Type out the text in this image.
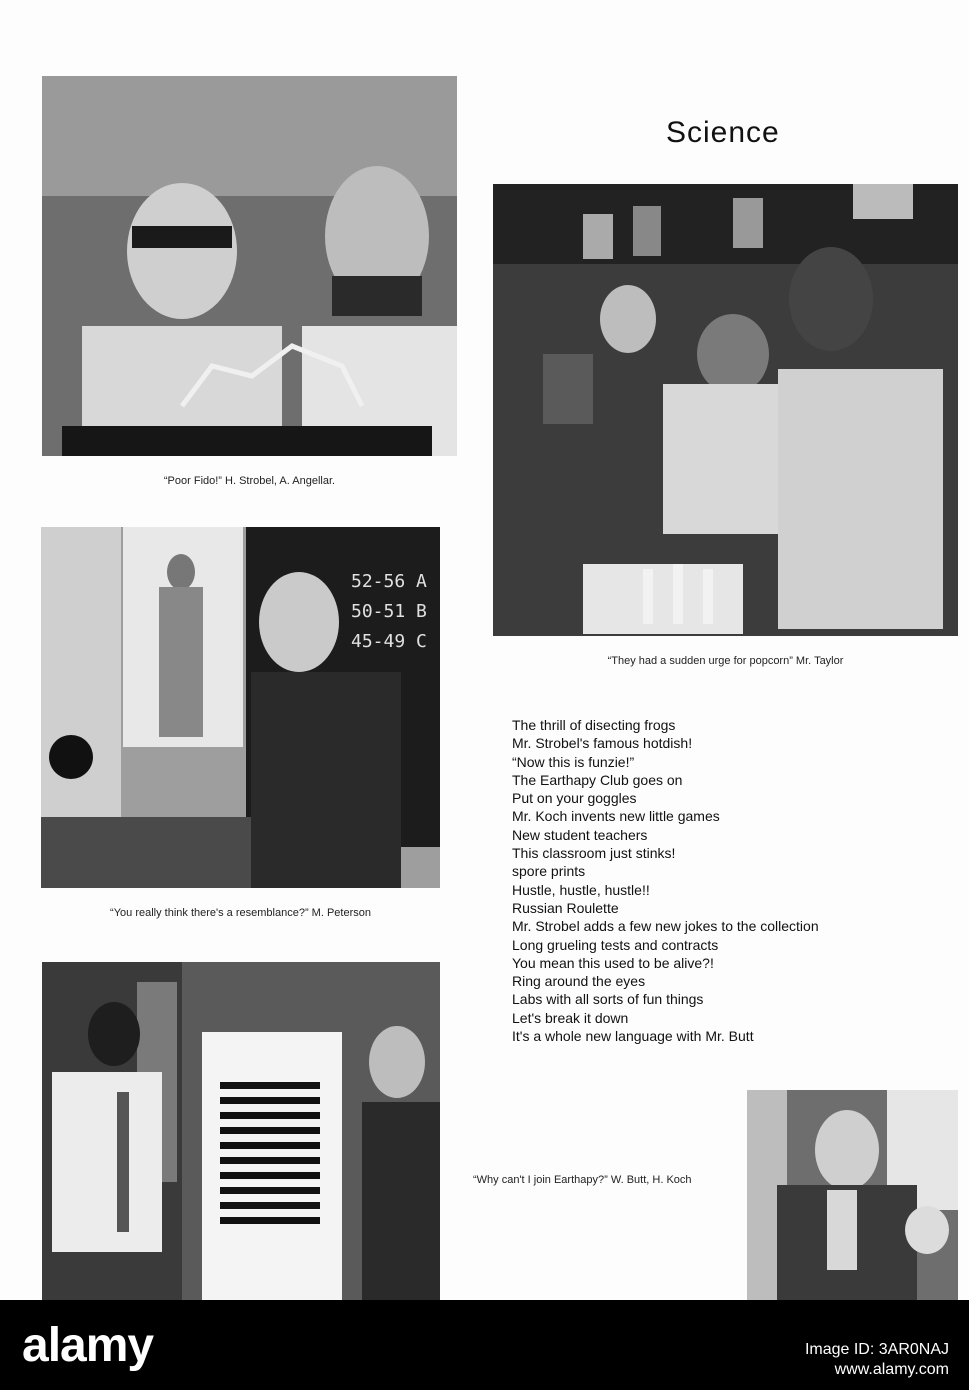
“Poor Fido!” H. Strobel, A. Angellar.
Science
“They had a sudden urge for popcorn” Mr. Taylor
52-56 A
50-51 B
45-49 C
“You really think there's a resemblance?” M. Peterson
The thrill of disecting frogs
Mr. Strobel's famous hotdish!
“Now this is funzie!”
The Earthapy Club goes on
Put on your goggles
Mr. Koch invents new little games
New student teachers
This classroom just stinks!
spore prints
Hustle, hustle, hustle!!
Russian Roulette
Mr. Strobel adds a few new jokes to the collection
Long grueling tests and contracts
You mean this used to be alive?!
Ring around the eyes
Labs with all sorts of fun things
Let's break it down
It's a whole new language with Mr. Butt
“Why can't I join Earthapy?” W. Butt, H. Koch
alamy	Image ID: 3AR0NAJ
www.alamy.com
